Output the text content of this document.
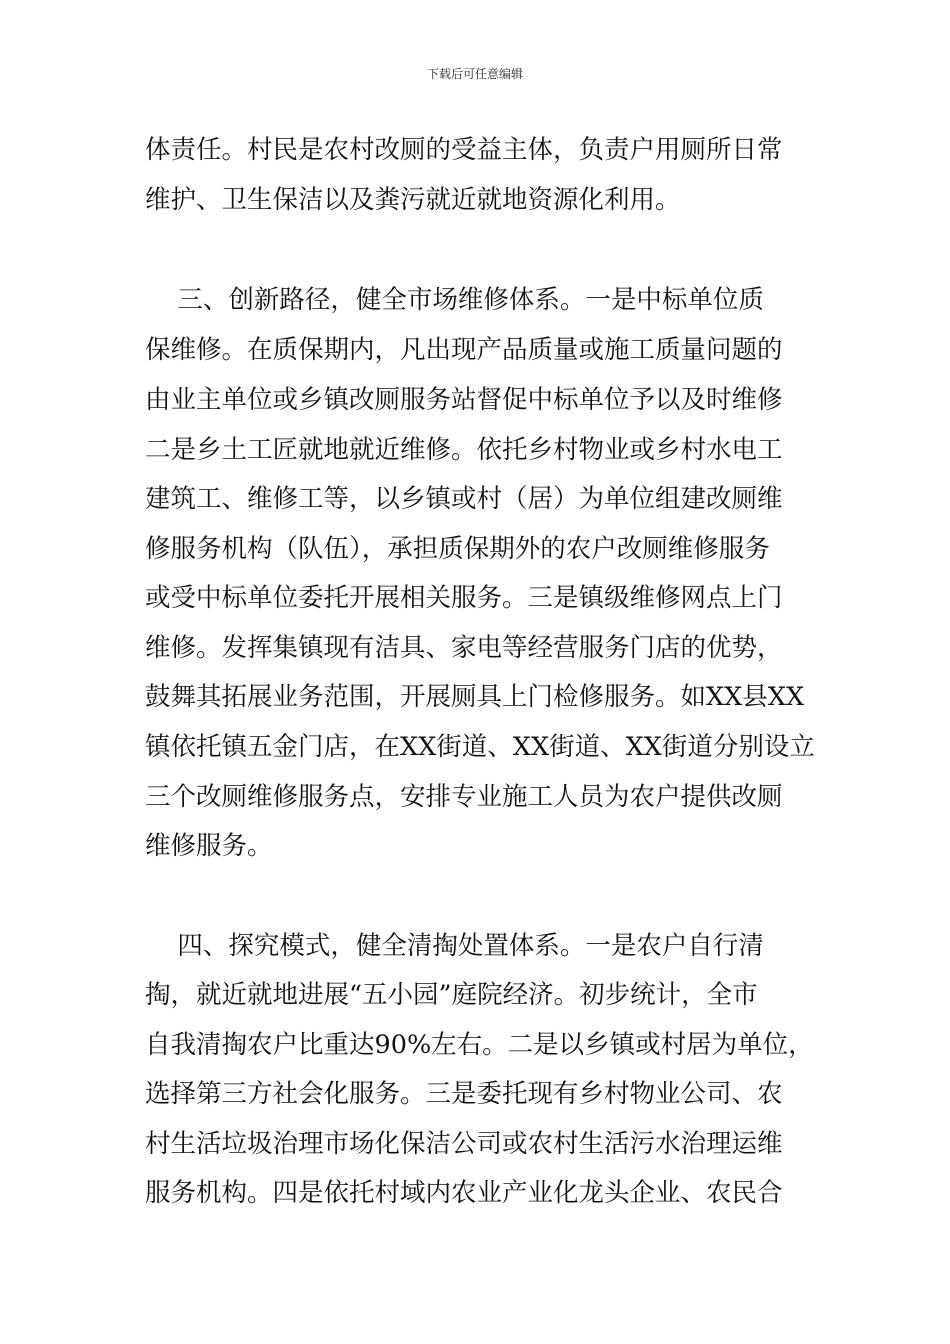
下载后可任意编辑
体责任。村民是农村改厕的受益主体，负责户用厕所日常
维护、卫生保洁以及粪污就近就地资源化利用。
三、创新路径，健全市场维修体系。一是中标单位质
保维修。在质保期内，凡出现产品质量或施工质量问题的
由业主单位或乡镇改厕服务站督促中标单位予以及时维修
二是乡土工匠就地就近维修。依托乡村物业或乡村水电工
建筑工、维修工等，以乡镇或村（居）为单位组建改厕维
修服务机构（队伍），承担质保期外的农户改厕维修服务
或受中标单位委托开展相关服务。三是镇级维修网点上门
维修。发挥集镇现有洁具、家电等经营服务门店的优势，
鼓舞其拓展业务范围，开展厕具上门检修服务。如XX县XX
镇依托镇五金门店，在XX街道、XX街道、XX街道分别设立
三个改厕维修服务点，安排专业施工人员为农户提供改厕
维修服务。
四、探究模式，健全清掏处置体系。一是农户自行清
掏，就近就地进展“五小园”庭院经济。初步统计，全市
自我清掏农户比重达90%左右。二是以乡镇或村居为单位，
选择第三方社会化服务。三是委托现有乡村物业公司、农
村生活垃圾治理市场化保洁公司或农村生活污水治理运维
服务机构。四是依托村域内农业产业化龙头企业、农民合
